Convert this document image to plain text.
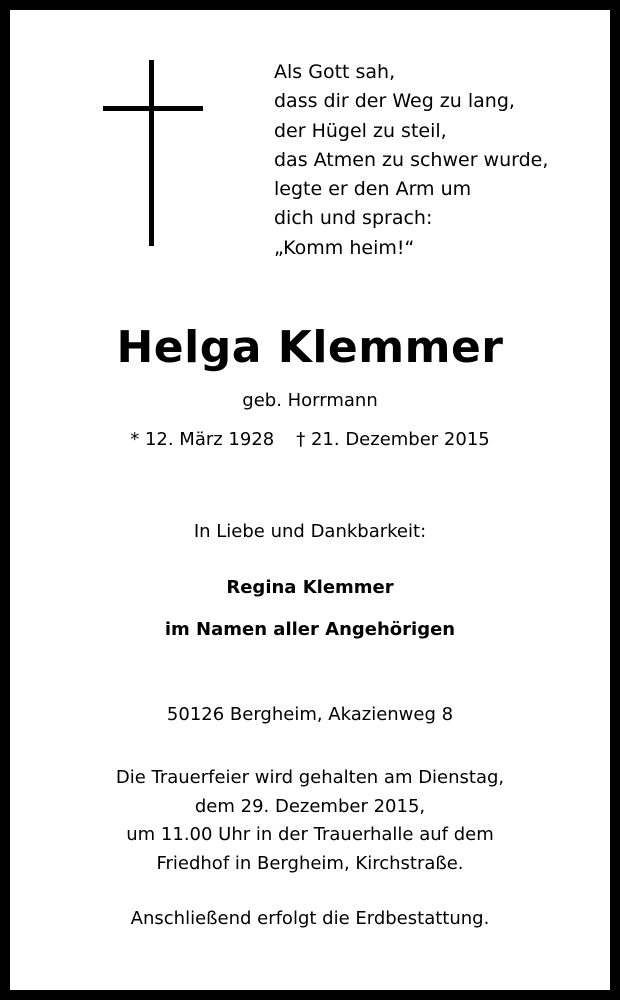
Als Gott sah,
dass dir der Weg zu lang,
der Hügel zu steil,
das Atmen zu schwer wurde,
legte er den Arm um
dich und sprach:
„Komm heim!“
Helga Klemmer
geb. Horrmann
* 12. März 1928 † 21. Dezember 2015
In Liebe und Dankbarkeit:
Regina Klemmer
im Namen aller Angehörigen
50126 Bergheim, Akazienweg 8
Die Trauerfeier wird gehalten am Dienstag,
dem 29. Dezember 2015,
um 11.00 Uhr in der Trauerhalle auf dem
Friedhof in Bergheim, Kirchstraße.
Anschließend erfolgt die Erdbestattung.
